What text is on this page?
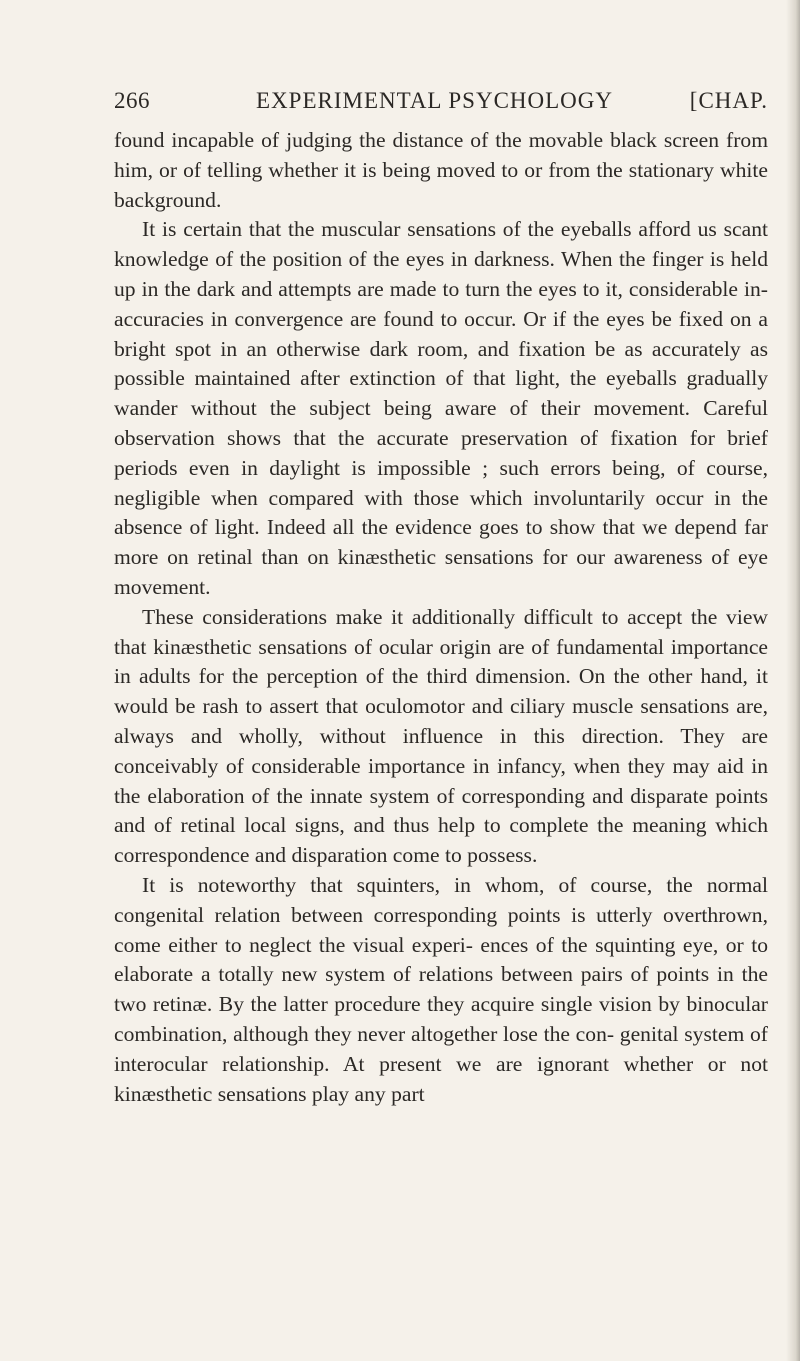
266	EXPERIMENTAL PSYCHOLOGY	[CHAP.

found incapable of judging the distance of the movable black screen from him, or of telling whether it is being moved to or from the stationary white background.

It is certain that the muscular sensations of the eyeballs afford us scant knowledge of the position of the eyes in darkness. When the finger is held up in the dark and attempts are made to turn the eyes to it, considerable in- accuracies in convergence are found to occur. Or if the eyes be fixed on a bright spot in an otherwise dark room, and fixation be as accurately as possible maintained after extinction of that light, the eyeballs gradually wander without the subject being aware of their movement. Careful observation shows that the accurate preservation of fixation for brief periods even in daylight is impossible ; such errors being, of course, negligible when compared with those which involuntarily occur in the absence of light. Indeed all the evidence goes to show that we depend far more on retinal than on kinæsthetic sensations for our awareness of eye movement.

These considerations make it additionally difficult to accept the view that kinæsthetic sensations of ocular origin are of fundamental importance in adults for the perception of the third dimension. On the other hand, it would be rash to assert that oculomotor and ciliary muscle sensations are, always and wholly, without influence in this direction. They are conceivably of considerable importance in infancy, when they may aid in the elaboration of the innate system of corresponding and disparate points and of retinal local signs, and thus help to complete the meaning which correspondence and disparation come to possess.

It is noteworthy that squinters, in whom, of course, the normal congenital relation between corresponding points is utterly overthrown, come either to neglect the visual experi- ences of the squinting eye, or to elaborate a totally new system of relations between pairs of points in the two retinæ. By the latter procedure they acquire single vision by binocular combination, although they never altogether lose the con- genital system of interocular relationship. At present we are ignorant whether or not kinæsthetic sensations play any part
